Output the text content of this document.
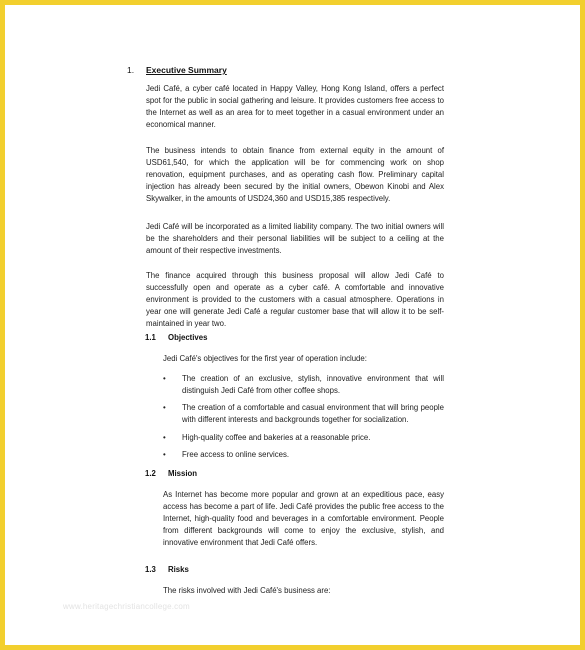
1. Executive Summary
Jedi Café, a cyber café located in Happy Valley, Hong Kong Island, offers a perfect spot for the public in social gathering and leisure. It provides customers free access to the Internet as well as an area for to meet together in a casual environment under an economical manner.
The business intends to obtain finance from external equity in the amount of USD61,540, for which the application will be for commencing work on shop renovation, equipment purchases, and as operating cash flow. Preliminary capital injection has already been secured by the initial owners, Obewon Kinobi and Alex Skywalker, in the amounts of USD24,360 and USD15,385 respectively.
Jedi Café will be incorporated as a limited liability company. The two initial owners will be the shareholders and their personal liabilities will be subject to a ceiling at the amount of their respective investments.
The finance acquired through this business proposal will allow Jedi Café to successfully open and operate as a cyber café. A comfortable and innovative environment is provided to the customers with a casual atmosphere. Operations in year one will generate Jedi Café a regular customer base that will allow it to be self-maintained in year two.
1.1 Objectives
Jedi Café's objectives for the first year of operation include:
• The creation of an exclusive, stylish, innovative environment that will distinguish Jedi Café from other coffee shops.
• The creation of a comfortable and casual environment that will bring people with different interests and backgrounds together for socialization.
• High-quality coffee and bakeries at a reasonable price.
• Free access to online services.
1.2 Mission
As Internet has become more popular and grown at an expeditious pace, easy access has become a part of life. Jedi Café provides the public free access to the Internet, high-quality food and beverages in a comfortable environment. People from different backgrounds will come to enjoy the exclusive, stylish, and innovative environment that Jedi Café offers.
1.3 Risks
The risks involved with Jedi Café's business are:
www.heritagechristiancollege.com
